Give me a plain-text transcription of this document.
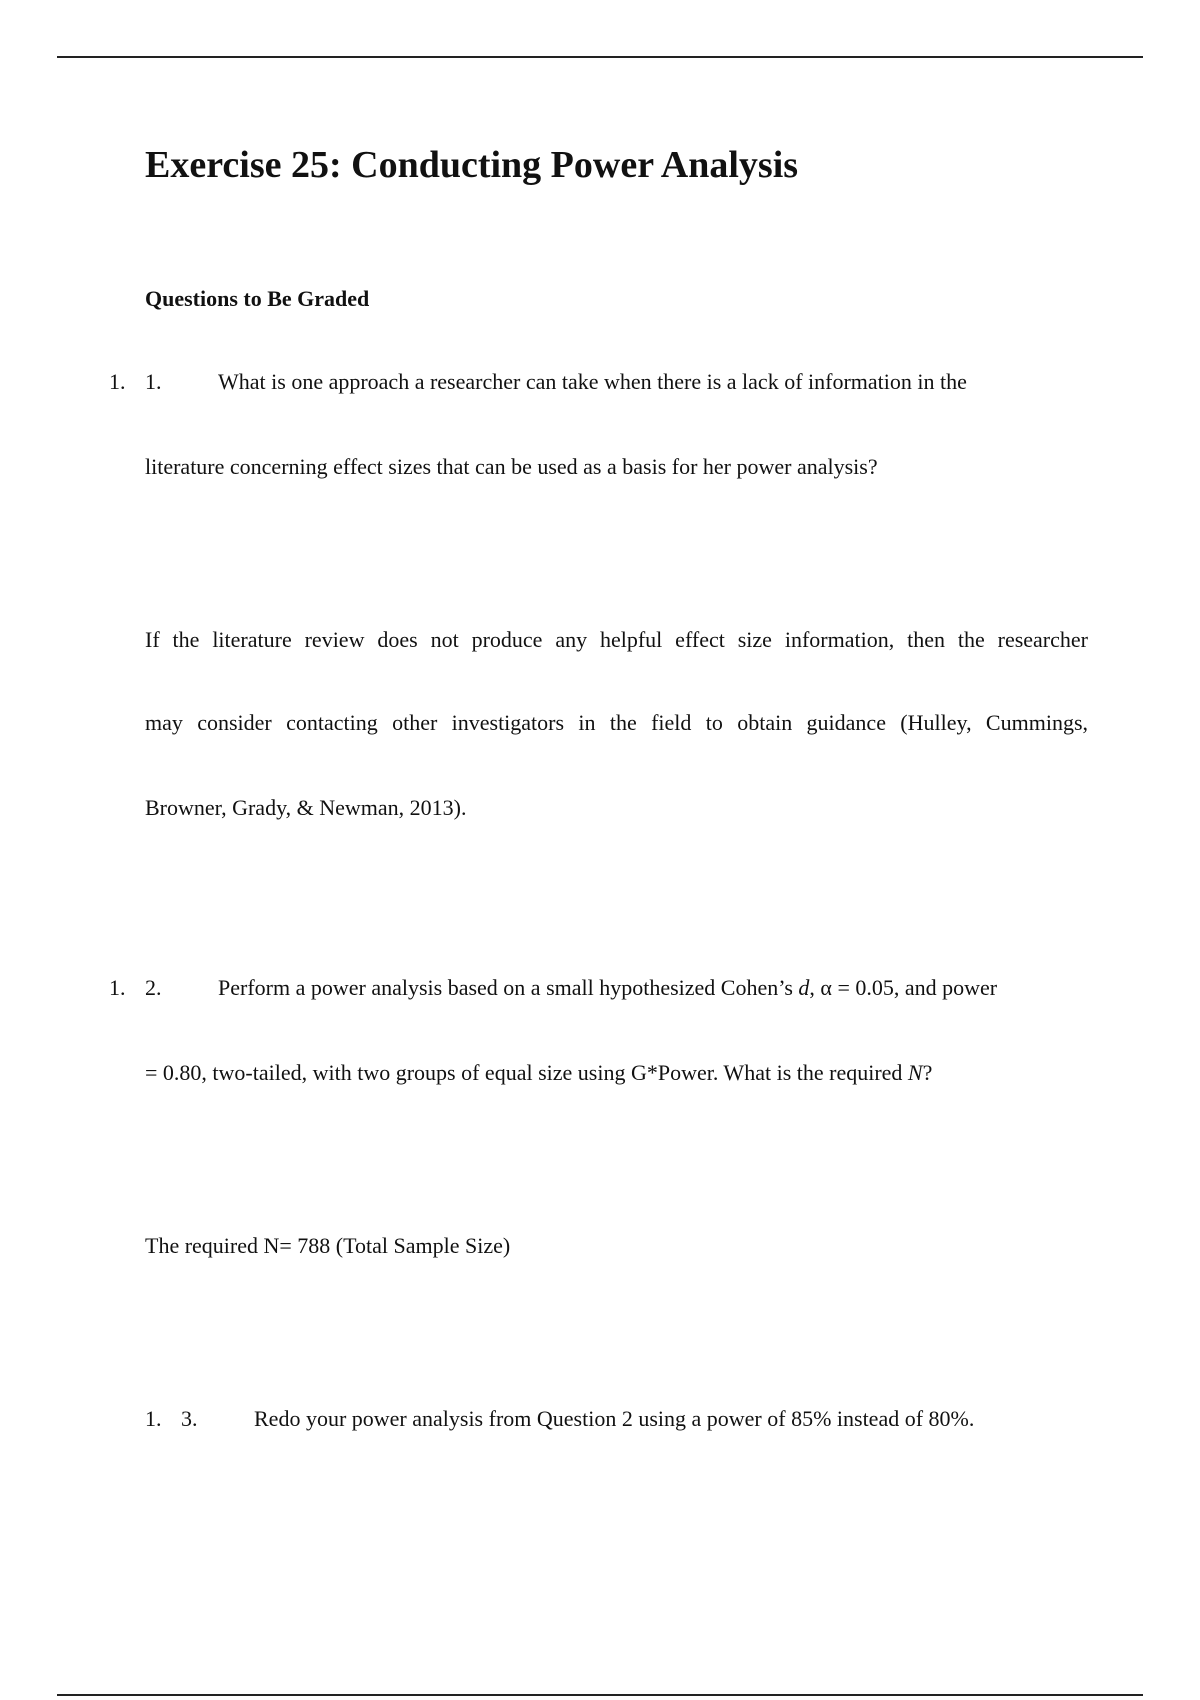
Exercise 25: Conducting Power Analysis
Questions to Be Graded
1. 1.	What is one approach a researcher can take when there is a lack of information in the
literature concerning effect sizes that can be used as a basis for her power analysis?
If the literature review does not produce any helpful effect size information, then the researcher
may consider contacting other investigators in the field to obtain guidance (Hulley, Cummings,
Browner, Grady, & Newman, 2013).
1. 2.	Perform a power analysis based on a small hypothesized Cohen’s d, α = 0.05, and power
= 0.80, two-tailed, with two groups of equal size using G*Power. What is the required N?
The required N= 788 (Total Sample Size)
1. 3.	Redo your power analysis from Question 2 using a power of 85% instead of 80%.
